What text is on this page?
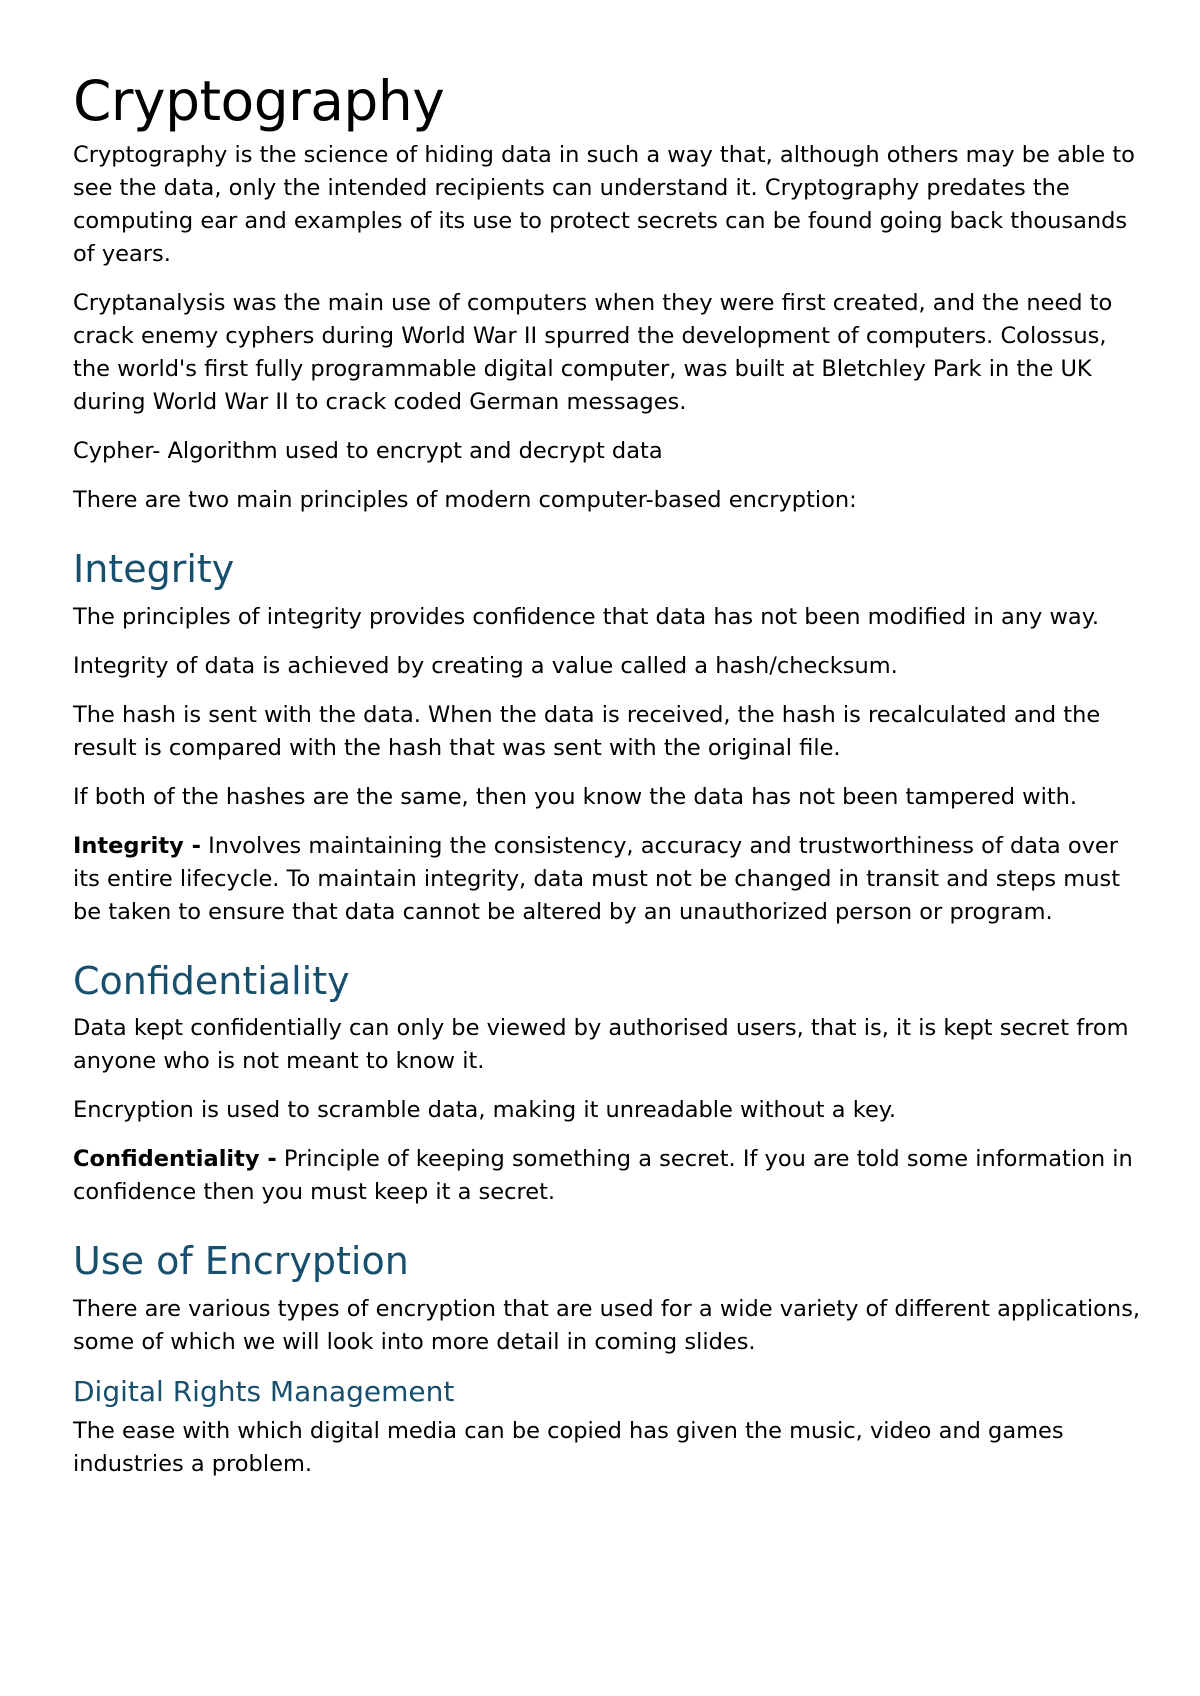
Cryptography

Cryptography is the science of hiding data in such a way that, although others may be able to see the data, only the intended recipients can understand it. Cryptography predates the computing ear and examples of its use to protect secrets can be found going back thousands of years.

Cryptanalysis was the main use of computers when they were first created, and the need to crack enemy cyphers during World War II spurred the development of computers. Colossus, the world's first fully programmable digital computer, was built at Bletchley Park in the UK during World War II to crack coded German messages.

Cypher- Algorithm used to encrypt and decrypt data

There are two main principles of modern computer-based encryption:

Integrity

The principles of integrity provides confidence that data has not been modified in any way.

Integrity of data is achieved by creating a value called a hash/checksum.

The hash is sent with the data. When the data is received, the hash is recalculated and the result is compared with the hash that was sent with the original file.

If both of the hashes are the same, then you know the data has not been tampered with.

Integrity - Involves maintaining the consistency, accuracy and trustworthiness of data over its entire lifecycle. To maintain integrity, data must not be changed in transit and steps must be taken to ensure that data cannot be altered by an unauthorized person or program.

Confidentiality

Data kept confidentially can only be viewed by authorised users, that is, it is kept secret from anyone who is not meant to know it.

Encryption is used to scramble data, making it unreadable without a key.

Confidentiality - Principle of keeping something a secret. If you are told some information in confidence then you must keep it a secret.

Use of Encryption

There are various types of encryption that are used for a wide variety of different applications, some of which we will look into more detail in coming slides.

Digital Rights Management

The ease with which digital media can be copied has given the music, video and games industries a problem.
